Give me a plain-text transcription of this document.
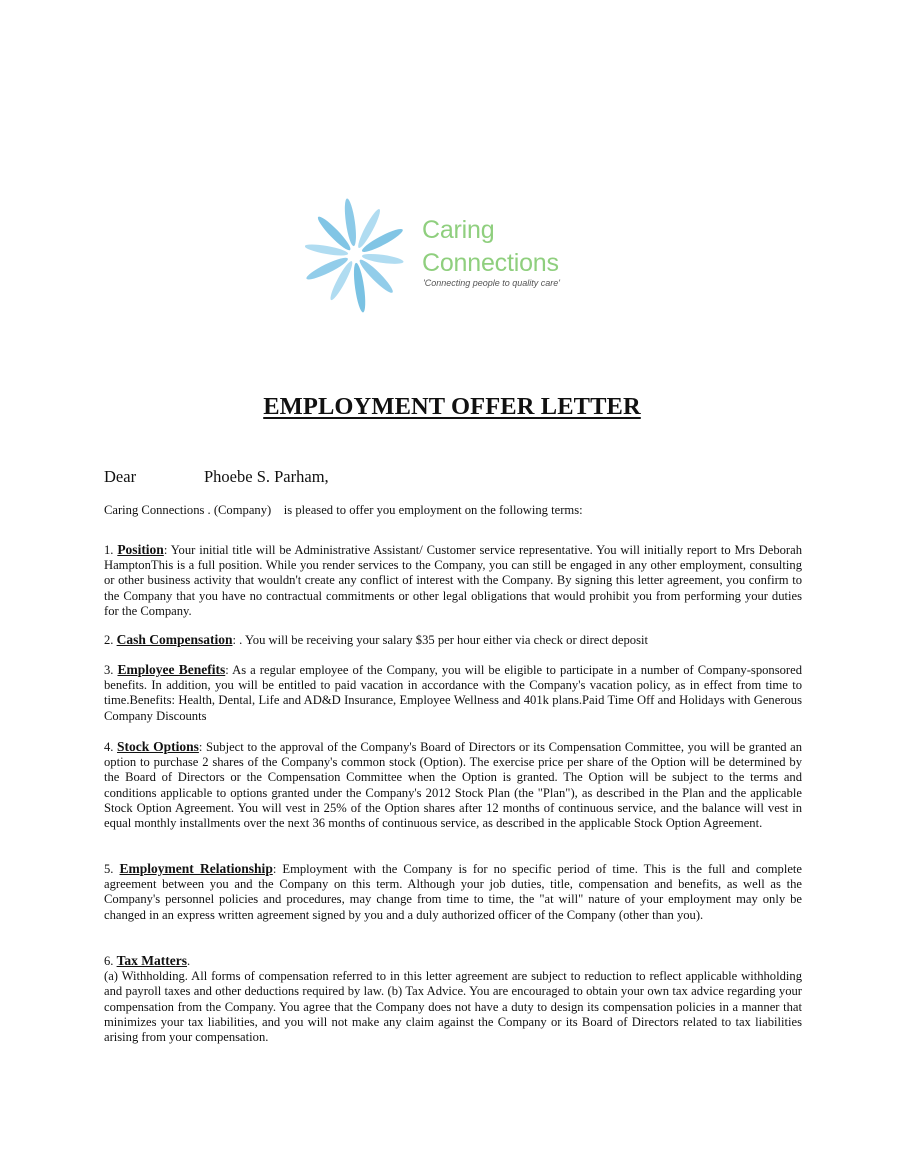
Caring
Connections
'Connecting people to quality care'
EMPLOYMENT OFFER LETTER
Dear	Phoebe S. Parham,
Caring Connections . (Company)    is pleased to offer you employment on the following terms:
1. Position: Your initial title will be Administrative Assistant/ Customer service representative. You will initially report to Mrs Deborah HamptonThis is a full position. While you render services to the Company, you can still be engaged in any other employment, consulting or other business activity that wouldn't create any conflict of interest with the Company. By signing this letter agreement, you confirm to the Company that you have no contractual commitments or other legal obligations that would prohibit you from performing your duties for the Company.
2. Cash Compensation: . You will be receiving your salary $35 per hour either via check or direct deposit
3. Employee Benefits: As a regular employee of the Company, you will be eligible to participate in a number of Company-sponsored benefits. In addition, you will be entitled to paid vacation in accordance with the Company's vacation policy, as in effect from time to time.Benefits: Health, Dental, Life and AD&D Insurance, Employee Wellness and 401k plans.Paid Time Off and Holidays with Generous Company Discounts
4. Stock Options: Subject to the approval of the Company's Board of Directors or its Compensation Committee, you will be granted an option to purchase 2 shares of the Company's common stock (Option). The exercise price per share of the Option will be determined by the Board of Directors or the Compensation Committee when the Option is granted. The Option will be subject to the terms and conditions applicable to options granted under the Company's 2012 Stock Plan (the "Plan"), as described in the Plan and the applicable Stock Option Agreement. You will vest in 25% of the Option shares after 12 months of continuous service, and the balance will vest in equal monthly installments over the next 36 months of continuous service, as described in the applicable Stock Option Agreement.
5. Employment Relationship: Employment with the Company is for no specific period of time. This is the full and complete agreement between you and the Company on this term. Although your job duties, title, compensation and benefits, as well as the Company's personnel policies and procedures, may change from time to time, the "at will" nature of your employment may only be changed in an express written agreement signed by you and a duly authorized officer of the Company (other than you).
6. Tax Matters.
(a) Withholding. All forms of compensation referred to in this letter agreement are subject to reduction to reflect applicable withholding and payroll taxes and other deductions required by law. (b) Tax Advice. You are encouraged to obtain your own tax advice regarding your compensation from the Company. You agree that the Company does not have a duty to design its compensation policies in a manner that minimizes your tax liabilities, and you will not make any claim against the Company or its Board of Directors related to tax liabilities arising from your compensation.
